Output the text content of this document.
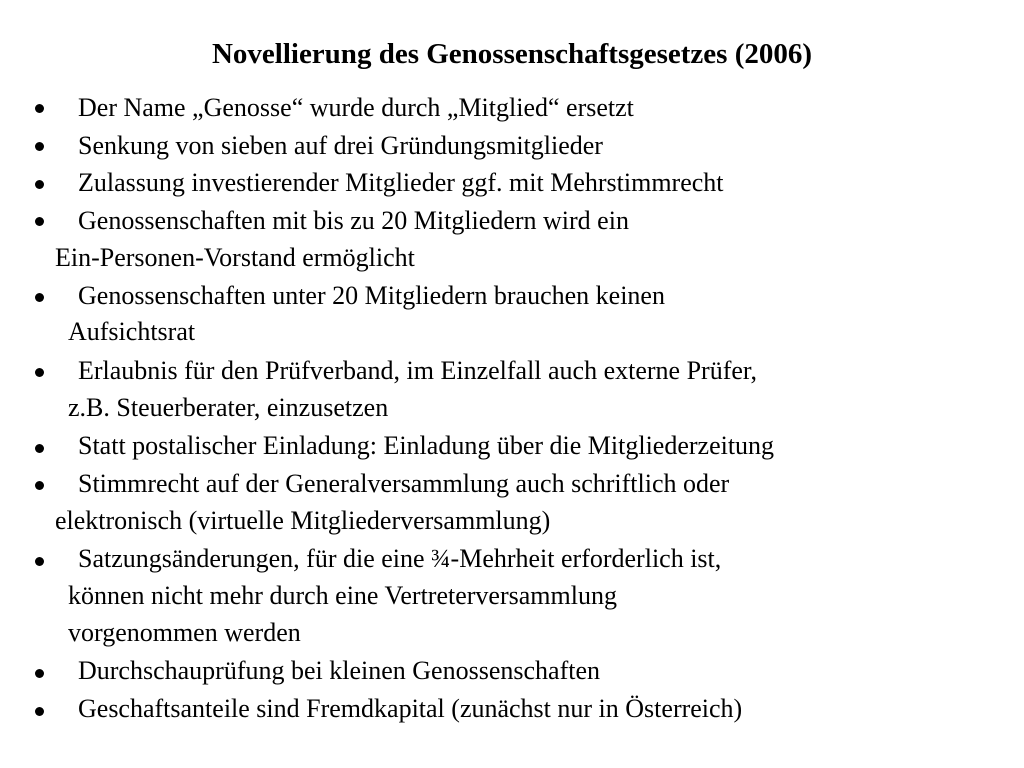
Novellierung des Genossenschaftsgesetzes (2006)
Der Name „Genosse“ wurde durch „Mitglied“ ersetzt
Senkung von sieben auf drei Gründungsmitglieder
Zulassung investierender Mitglieder ggf. mit Mehrstimmrecht
Genossenschaften mit bis zu 20 Mitgliedern wird ein
Ein-Personen-Vorstand ermöglicht
Genossenschaften unter 20 Mitgliedern brauchen keinen
Aufsichtsrat
Erlaubnis für den Prüfverband, im Einzelfall auch externe Prüfer,
z.B. Steuerberater, einzusetzen
Statt postalischer Einladung: Einladung über die Mitgliederzeitung
Stimmrecht auf der Generalversammlung auch schriftlich oder
elektronisch (virtuelle Mitgliederversammlung)
Satzungsänderungen, für die eine ¾-Mehrheit erforderlich ist,
können nicht mehr durch eine Vertreterversammlung
vorgenommen werden
Durchschauprüfung bei kleinen Genossenschaften
Geschaftsanteile sind Fremdkapital (zunächst nur in Österreich)
